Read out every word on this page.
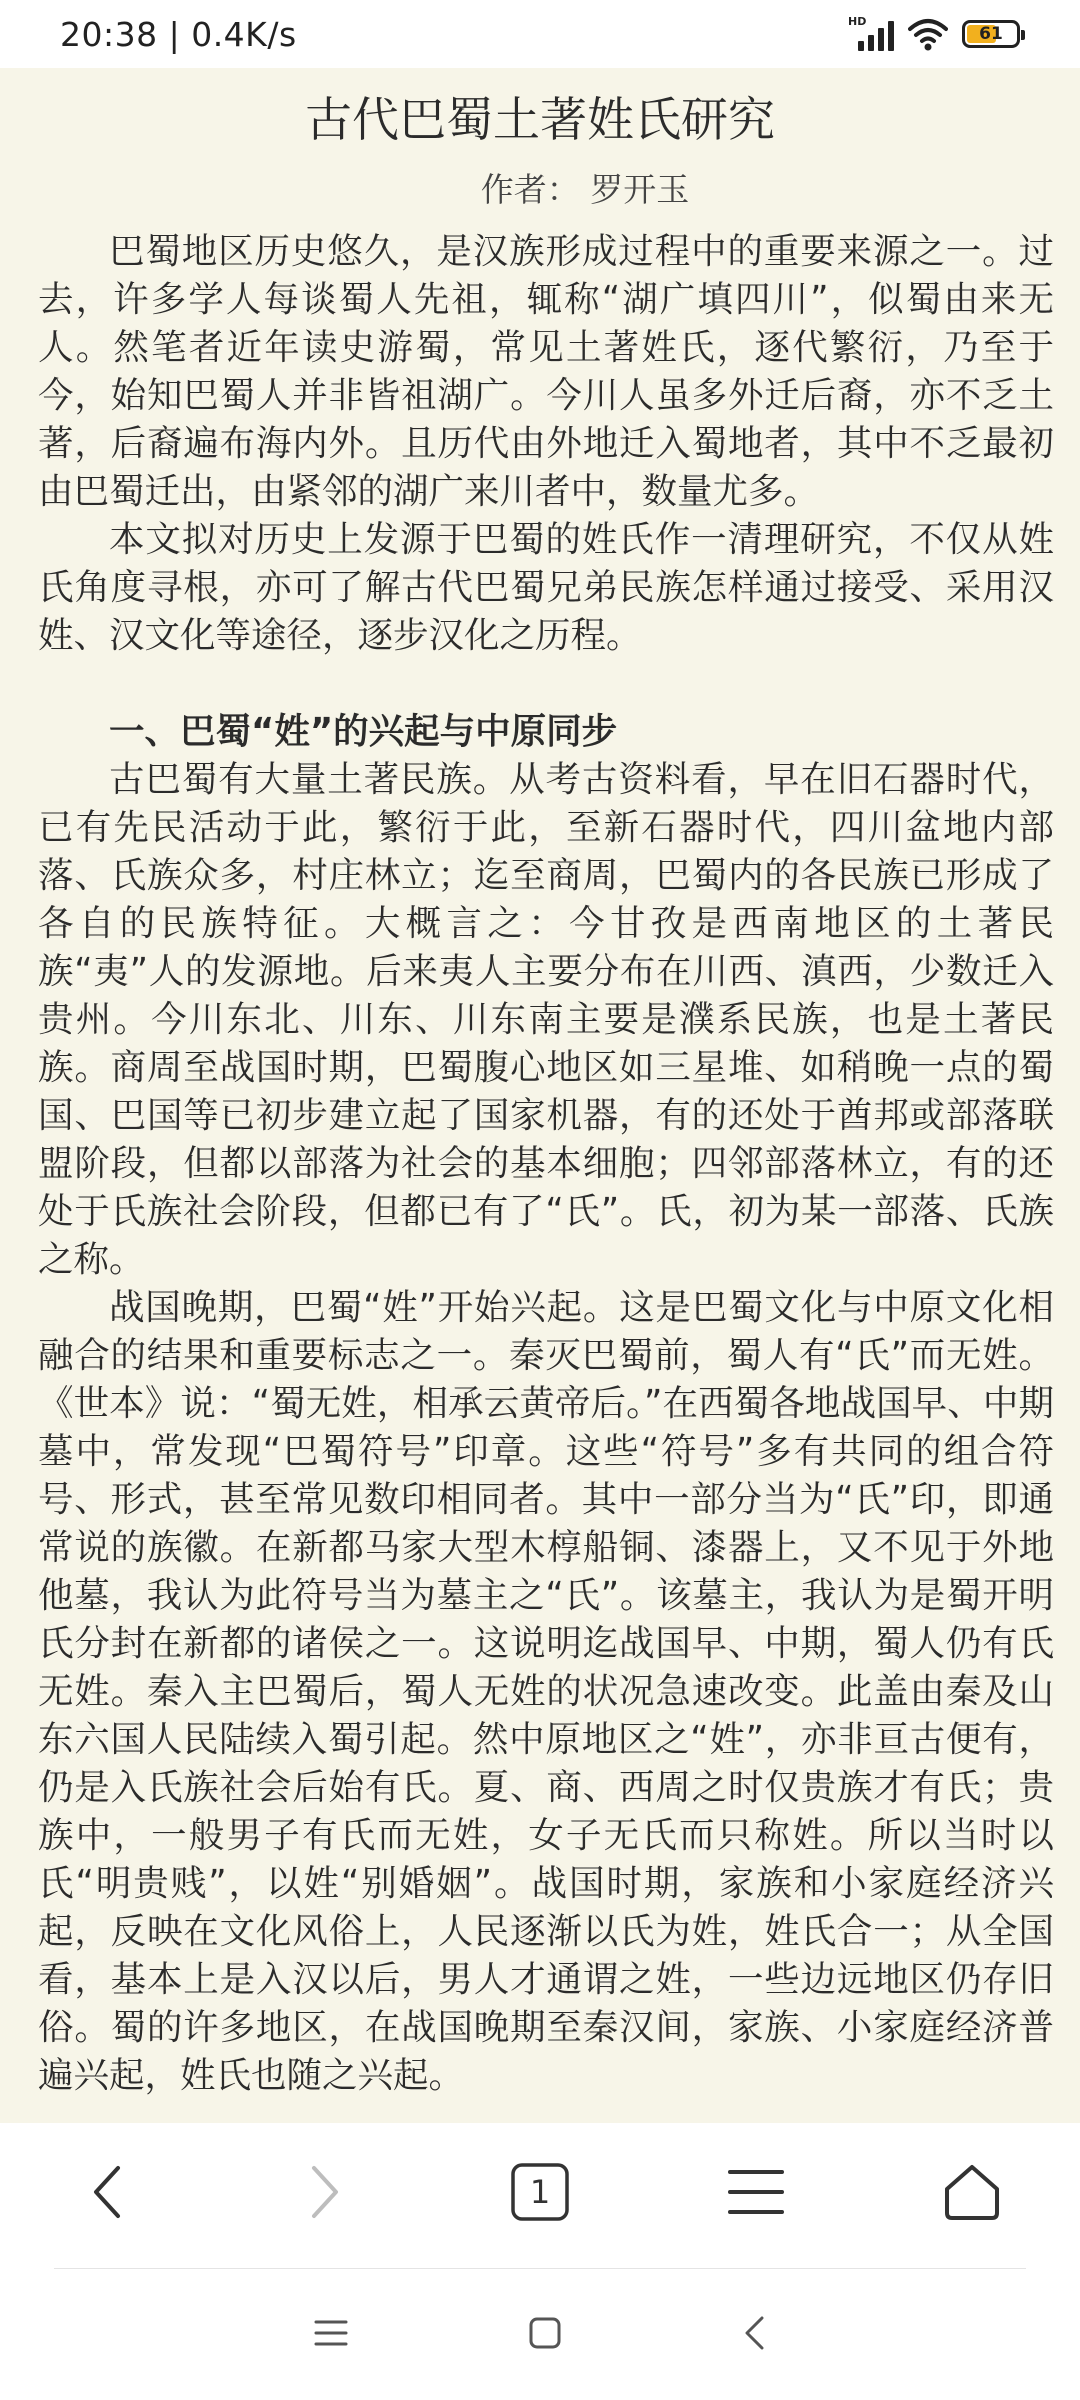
20:38 | 0.4K/s	HD
61
古代巴蜀土著姓氏研究
作者： 罗开玉

巴蜀地区历史悠久，是汉族形成过程中的重要来源之一。过去，许多学人每谈蜀人先祖，辄称“湖广填四川”，似蜀由来无人。然笔者近年读史游蜀，常见土著姓氏，逐代繁衍，乃至于今，始知巴蜀人并非皆祖湖广。今川人虽多外迁后裔，亦不乏土著，后裔遍布海内外。且历代由外地迁入蜀地者，其中不乏最初由巴蜀迁出，由紧邻的湖广来川者中，数量尤多。

本文拟对历史上发源于巴蜀的姓氏作一清理研究，不仅从姓氏角度寻根，亦可了解古代巴蜀兄弟民族怎样通过接受、采用汉姓、汉文化等途径，逐步汉化之历程。

一、巴蜀“姓”的兴起与中原同步

古巴蜀有大量土著民族。从考古资料看，早在旧石器时代，已有先民活动于此，繁衍于此，至新石器时代，四川盆地内部落、氏族众多，村庄林立；迄至商周，巴蜀内的各民族已形成了各自的民族特征。大概言之：今甘孜是西南地区的土著民族“夷”人的发源地。后来夷人主要分布在川西、滇西，少数迁入贵州。今川东北、川东、川东南主要是濮系民族，也是土著民族。商周至战国时期，巴蜀腹心地区如三星堆、如稍晚一点的蜀国、巴国等已初步建立起了国家机器，有的还处于酋邦或部落联盟阶段，但都以部落为社会的基本细胞；四邻部落林立，有的还处于氏族社会阶段，但都已有了“氏”。氏，初为某一部落、氏族之称。

战国晚期，巴蜀“姓”开始兴起。这是巴蜀文化与中原文化相融合的结果和重要标志之一。秦灭巴蜀前，蜀人有“氏”而无姓。《世本》说：“蜀无姓，相承云黄帝后。”在西蜀各地战国早、中期墓中，常发现“巴蜀符号”印章。这些“符号”多有共同的组合符号、形式，甚至常见数印相同者。其中一部分当为“氏”印，即通常说的族徽。在新都马家大型木椁船铜、漆器上，又不见于外地他墓，我认为此符号当为墓主之“氏”。该墓主，我认为是蜀开明氏分封在新都的诸侯之一。这说明迄战国早、中期，蜀人仍有氏无姓。秦入主巴蜀后，蜀人无姓的状况急速改变。此盖由秦及山东六国人民陆续入蜀引起。然中原地区之“姓”，亦非亘古便有，仍是入氏族社会后始有氏。夏、商、西周之时仅贵族才有氏；贵族中，一般男子有氏而无姓，女子无氏而只称姓。所以当时以氏“明贵贱”，以姓“别婚姻”。战国时期，家族和小家庭经济兴起，反映在文化风俗上，人民逐渐以氏为姓，姓氏合一；从全国看，基本上是入汉以后，男人才通谓之姓，一些边远地区仍存旧俗。蜀的许多地区，在战国晚期至秦汉间，家族、小家庭经济普遍兴起，姓氏也随之兴起。

1
